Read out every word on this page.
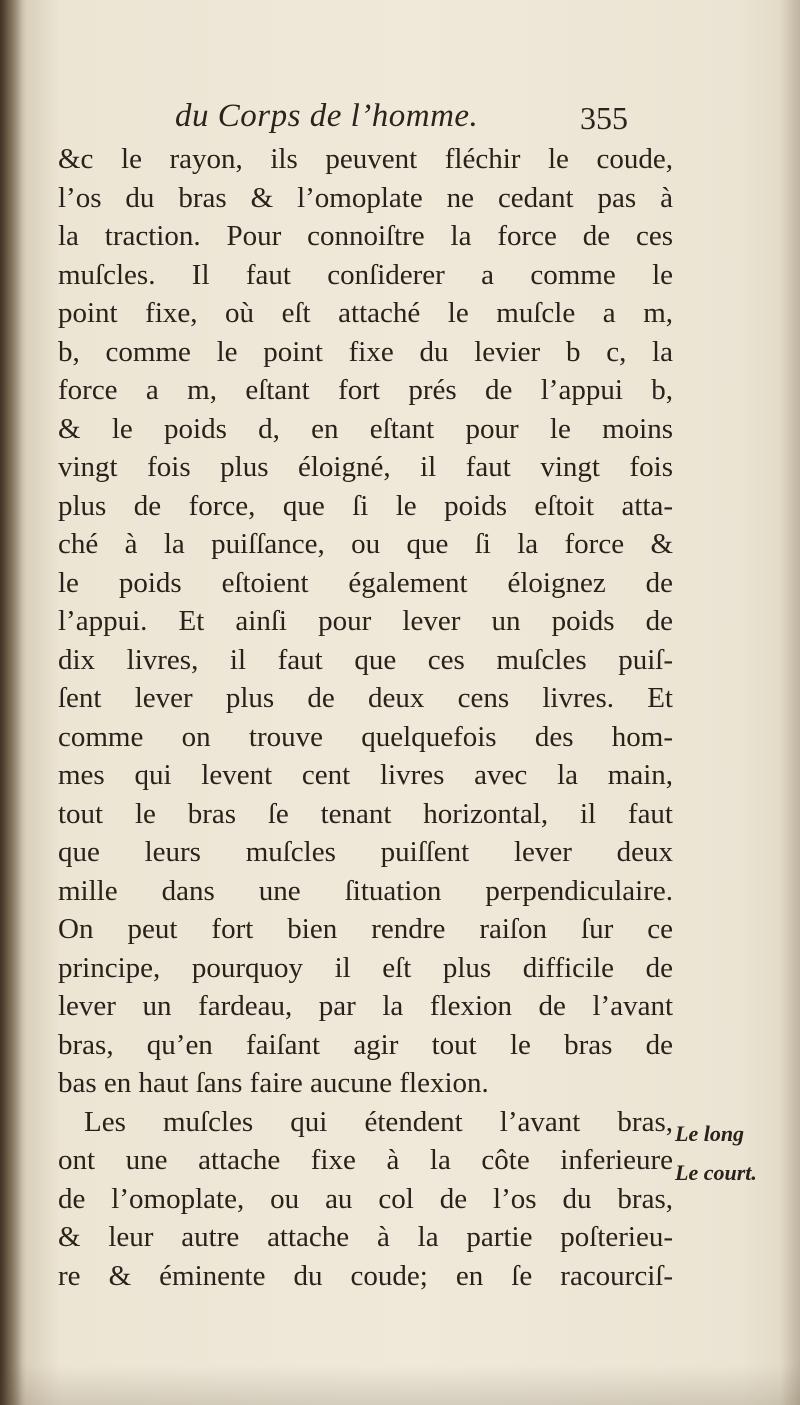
du Corps de l’homme.	355
&c le rayon, ils peuvent fléchir le coude,
l’os du bras & l’omoplate ne cedant pas à
la traction. Pour connoiſtre la force de ces
muſcles. Il faut conſiderer a comme le
point fixe, où eſt attaché le muſcle a m,
b, comme le point fixe du levier b c, la
force a m, eſtant fort prés de l’appui b,
& le poids d, en eſtant pour le moins
vingt fois plus éloigné, il faut vingt fois
plus de force, que ſi le poids eſtoit atta-
ché à la puiſſance, ou que ſi la force &
le poids eſtoient également éloignez de
l’appui. Et ainſi pour lever un poids de
dix livres, il faut que ces muſcles puiſ-
ſent lever plus de deux cens livres. Et
comme on trouve quelquefois des hom-
mes qui levent cent livres avec la main,
tout le bras ſe tenant horizontal, il faut
que leurs muſcles puiſſent lever deux
mille dans une ſituation perpendiculaire.
On peut fort bien rendre raiſon ſur ce
principe, pourquoy il eſt plus difficile de
lever un fardeau, par la flexion de l’avant
bras, qu’en faiſant agir tout le bras de
bas en haut ſans faire aucune flexion.
Les muſcles qui étendent l’avant bras,
ont une attache fixe à la côte inferieure
de l’omoplate, ou au col de l’os du bras,
& leur autre attache à la partie poſterieu-
re & éminente du coude; en ſe racourciſ-
Le long
Le court.
